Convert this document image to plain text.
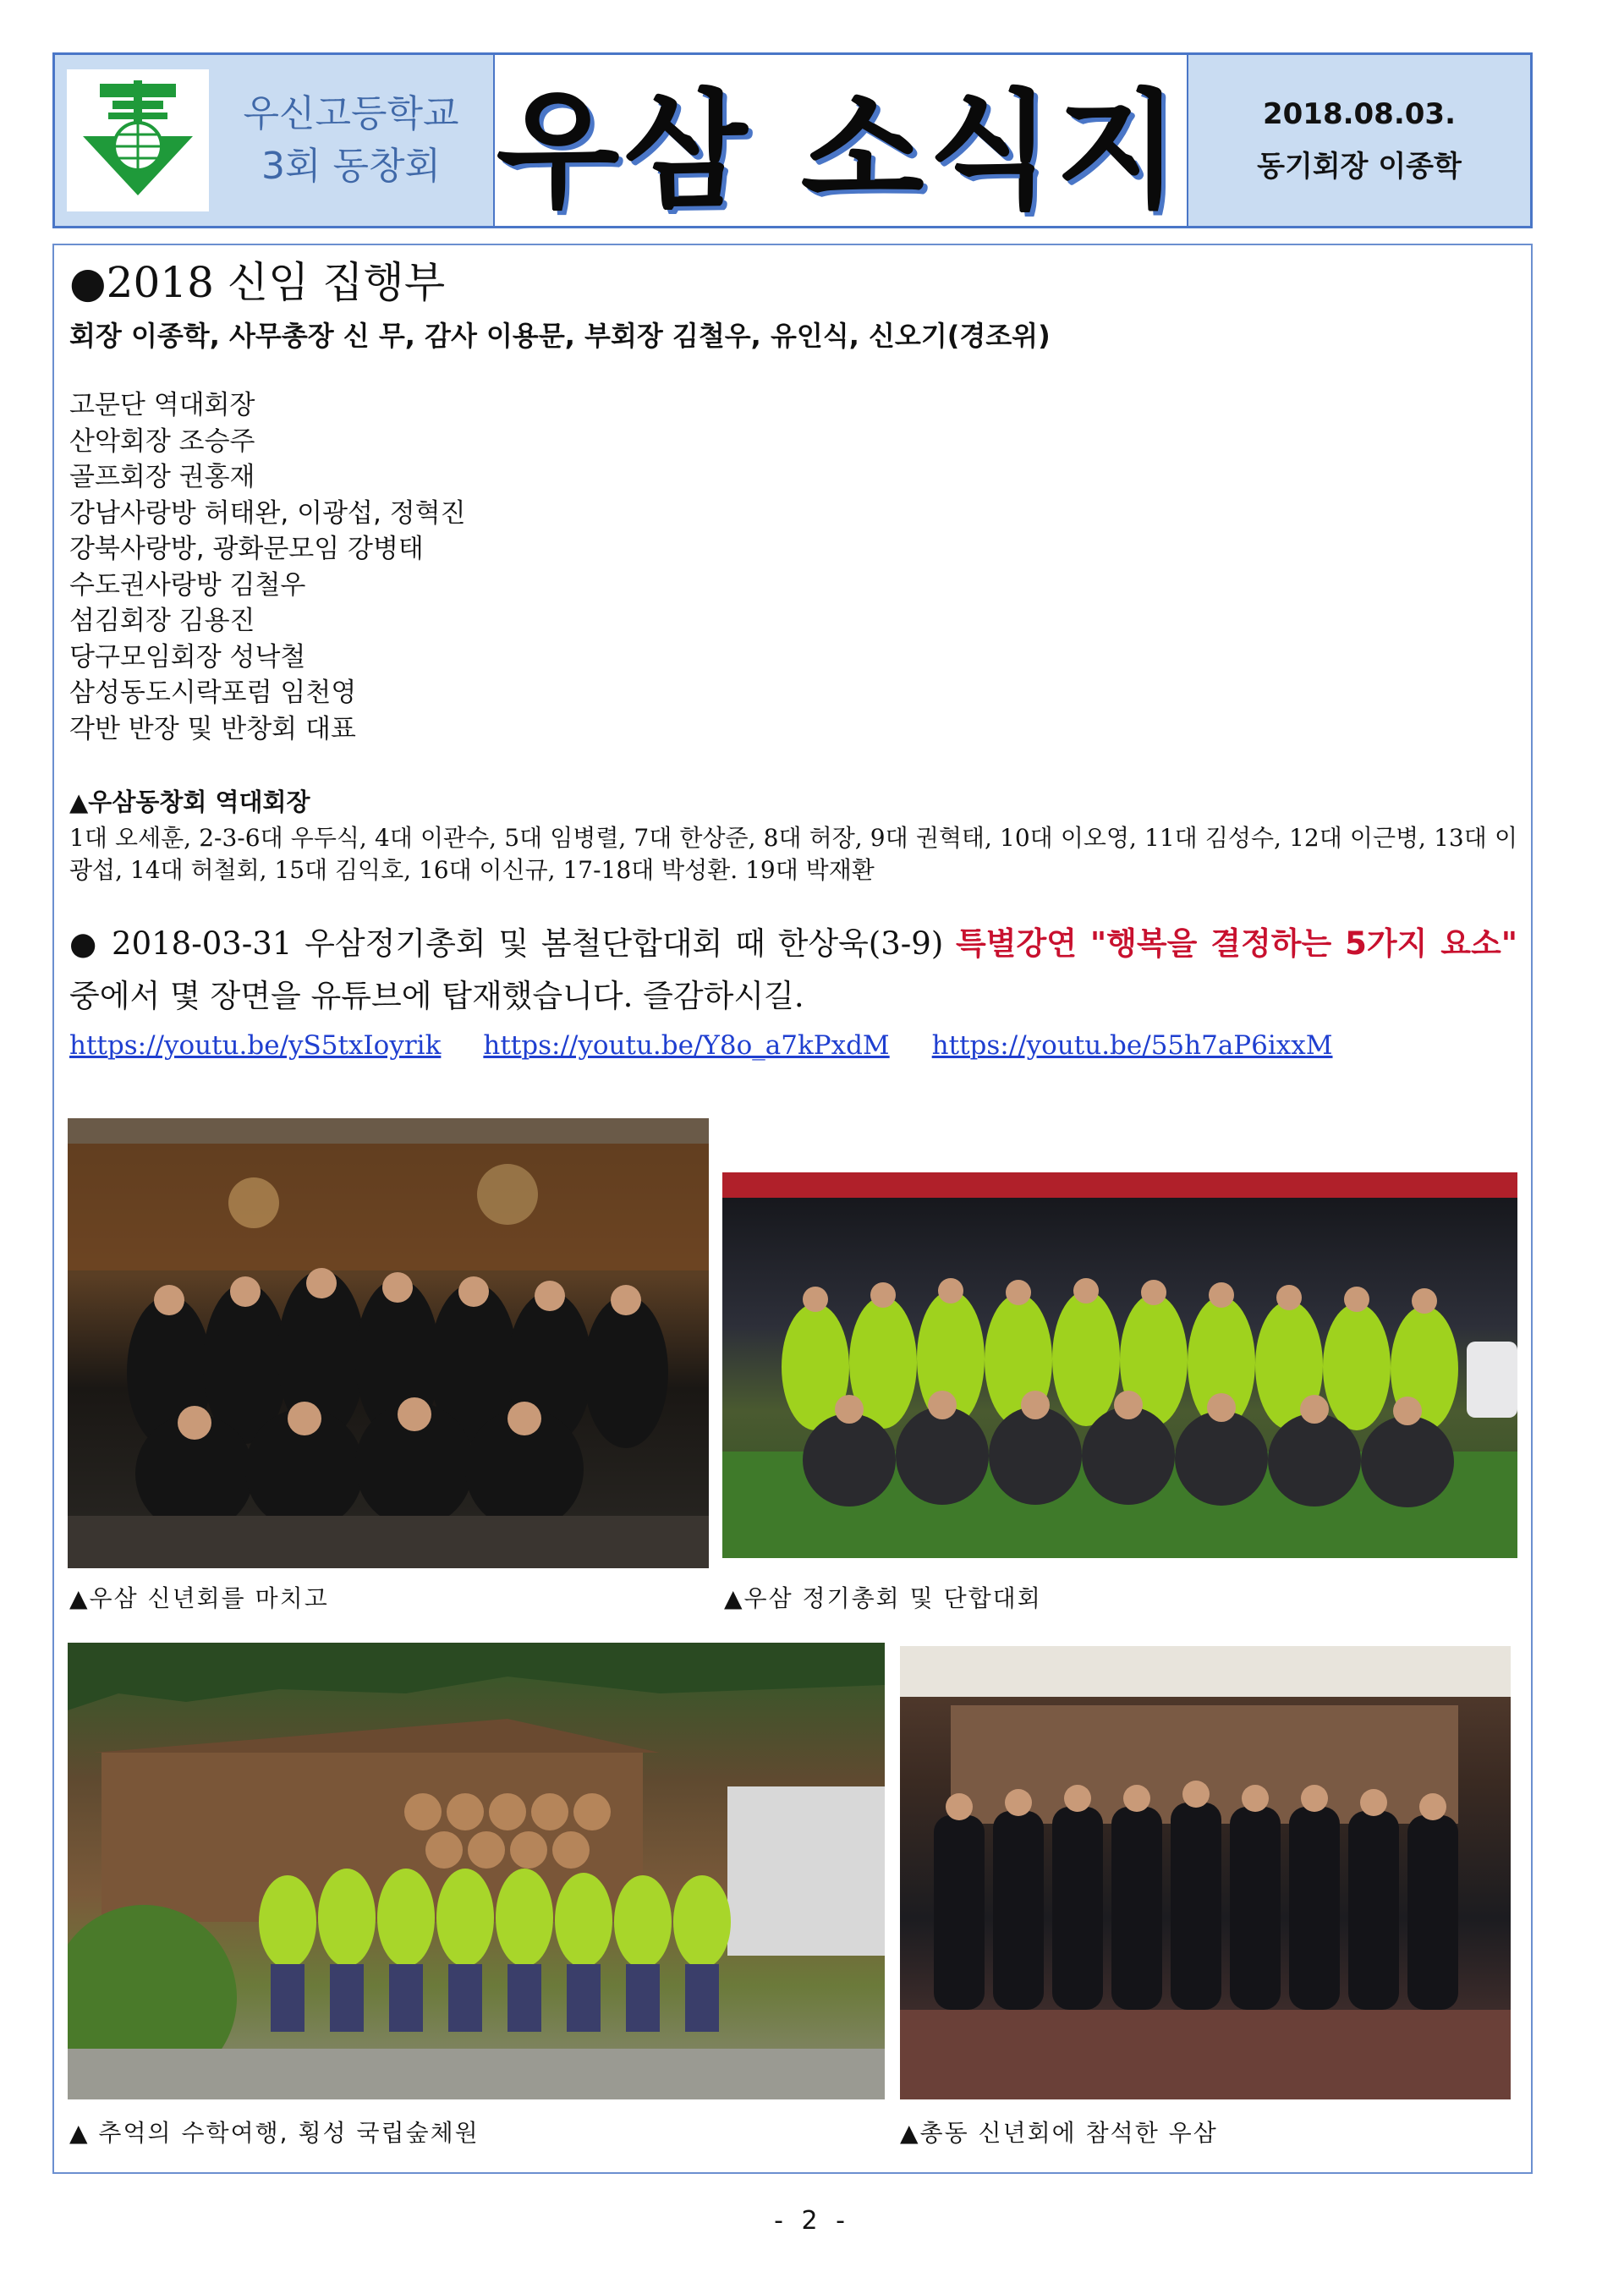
우신고등학교
3회 동창회 우삼 소식지	2018.08.03.
동기회장 이종학
●2018 신임 집행부
회장 이종학, 사무총장 신 무, 감사 이용문, 부회장 김철우, 유인식, 신오기(경조위)
고문단 역대회장
산악회장 조승주
골프회장 권홍재
강남사랑방 허태완, 이광섭, 정혁진
강북사랑방, 광화문모임 강병태
수도권사랑방 김철우
섬김회장 김용진
당구모임회장 성낙철
삼성동도시락포럼 임천영
각반 반장 및 반창회 대표
▲우삼동창회 역대회장
1대 오세훈, 2-3-6대 우두식, 4대 이관수, 5대 임병렬, 7대 한상준, 8대 허장, 9대 권혁태, 10대 이오영, 11대 김성수, 12대 이근병, 13대 이광섭, 14대 허철회, 15대 김익호, 16대 이신규, 17-18대 박성환. 19대 박재환
● 2018-03-31 우삼정기총회 및 봄철단합대회 때 한상욱(3-9) 특별강연 "행복을 결정하는 5가지 요소" 중에서 몇 장면을 유튜브에 탑재했습니다. 즐감하시길.
https://youtu.be/yS5txIoyrik https://youtu.be/Y8o_a7kPxdM https://youtu.be/55h7aP6ixxM
▲우삼 신년회를 마치고	▲우삼 정기총회 및 단합대회
▲ 추억의 수학여행, 횡성 국립숲체원	▲총동 신년회에 참석한 우삼
- 2 -
